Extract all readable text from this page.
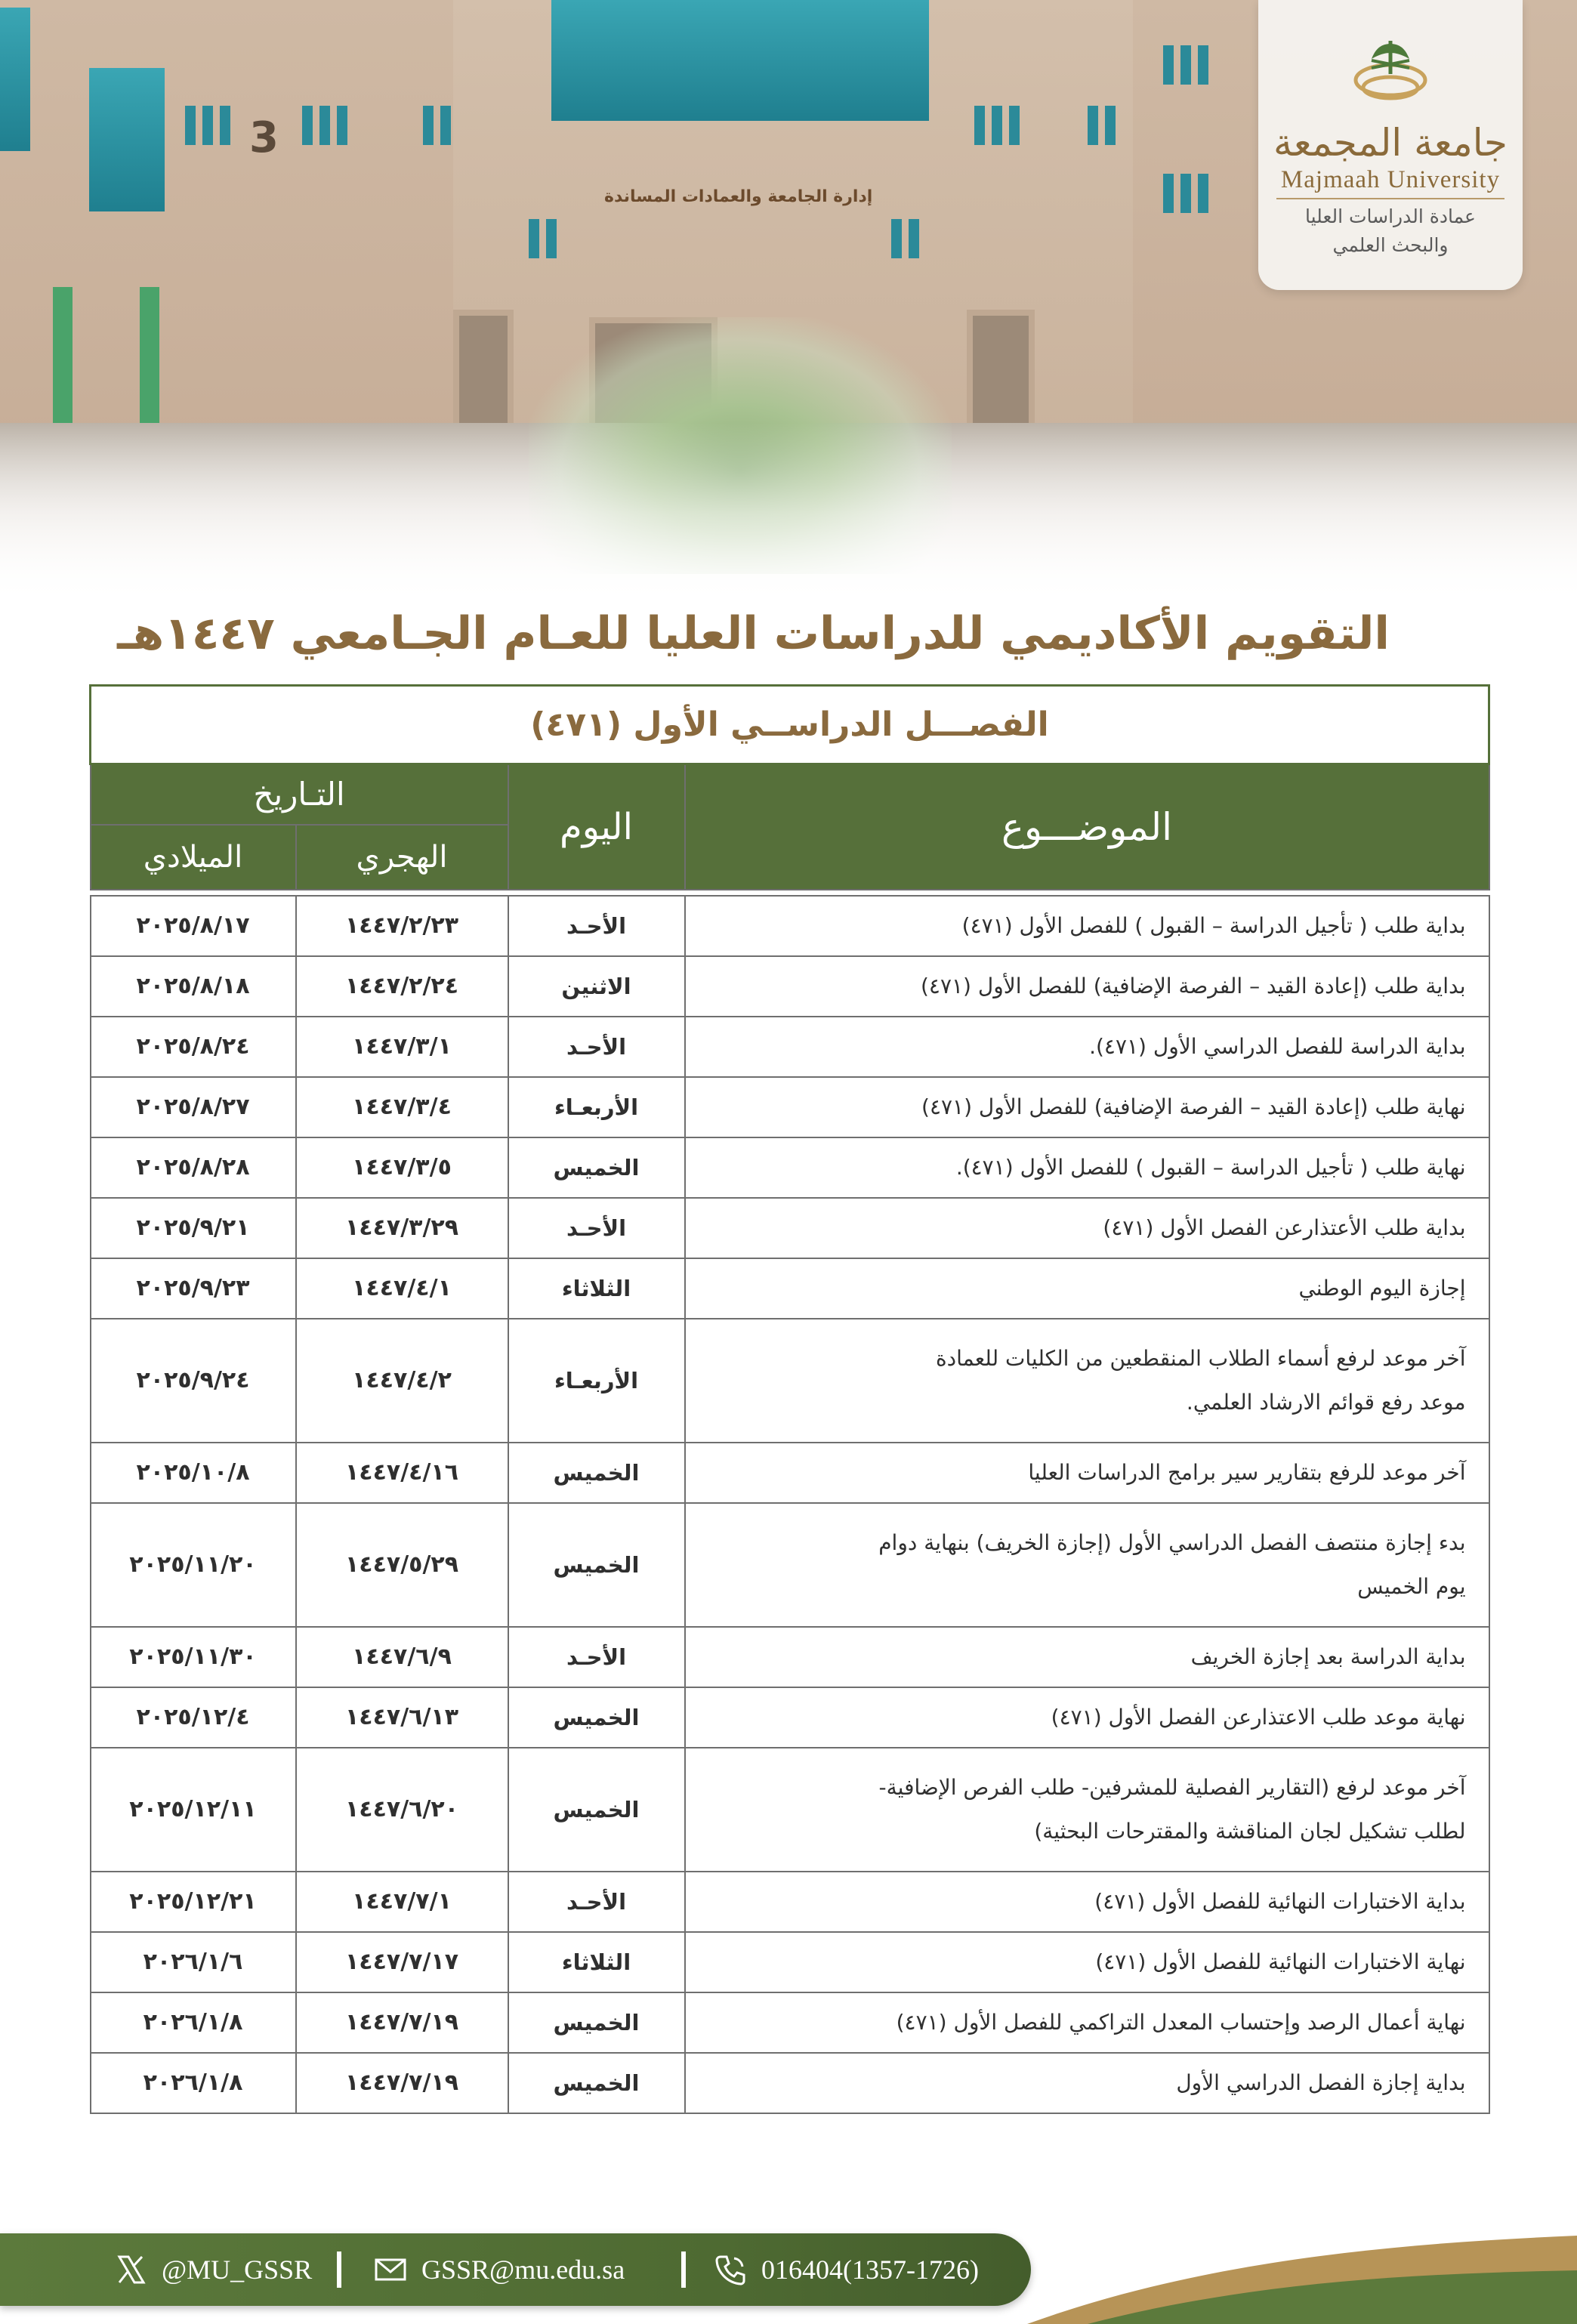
3
إدارة الجامعة والعمادات المساندة
جامعة المجمعة
Majmaah University
عمادة الدراسات العليا
والبحث العلمي
التقويم الأكاديمي للدراسات العليا للعـام الجـامعي ١٤٤٧هـ
الفصـــل الدراســي الأول (٤٧١)			
الموضـــوع	اليوم	التـاريخ	
		الهجري	الميلادي

بداية طلب ( تأجيل الدراسة – القبول ) للفصل الأول (٤٧١)	الأحـد	١٤٤٧/٢/٢٣	٢٠٢٥/٨/١٧
بداية طلب (إعادة القيد – الفرصة الإضافية) للفصل الأول (٤٧١)	الاثنين	١٤٤٧/٢/٢٤	٢٠٢٥/٨/١٨
بداية الدراسة للفصل الدراسي الأول (٤٧١).	الأحـد	١٤٤٧/٣/١	٢٠٢٥/٨/٢٤
نهاية طلب (إعادة القيد – الفرصة الإضافية) للفصل الأول (٤٧١)	الأربعـاء	١٤٤٧/٣/٤	٢٠٢٥/٨/٢٧
نهاية طلب ( تأجيل الدراسة – القبول ) للفصل الأول (٤٧١).	الخميس	١٤٤٧/٣/٥	٢٠٢٥/٨/٢٨
بداية طلب الأعتذارعن الفصل الأول (٤٧١)	الأحـد	١٤٤٧/٣/٢٩	٢٠٢٥/٩/٢١
إجازة اليوم الوطني	الثلاثاء	١٤٤٧/٤/١	٢٠٢٥/٩/٢٣

آخر موعد لرفع أسماء الطلاب المنقطعين من الكليات للعمادة
موعد رفع قوائم الارشاد العلمي.	الأربعـاء	١٤٤٧/٤/٢	٢٠٢٥/٩/٢٤
آخر موعد للرفع بتقارير سير برامج الدراسات العليا	الخميس	١٤٤٧/٤/١٦	٢٠٢٥/١٠/٨

بدء إجازة منتصف الفصل الدراسي الأول (إجازة الخريف) بنهاية دوام
يوم الخميس	الخميس	١٤٤٧/٥/٢٩	٢٠٢٥/١١/٢٠
بداية الدراسة بعد إجازة الخريف	الأحـد	١٤٤٧/٦/٩	٢٠٢٥/١١/٣٠
نهاية موعد طلب الاعتذارعن الفصل الأول (٤٧١)	الخميس	١٤٤٧/٦/١٣	٢٠٢٥/١٢/٤

آخر موعد لرفع (التقارير الفصلية للمشرفين- طلب الفرص الإضافية-
لطلب تشكيل لجان المناقشة والمقترحات البحثية)	الخميس	١٤٤٧/٦/٢٠	٢٠٢٥/١٢/١١
بداية الاختبارات النهائية للفصل الأول (٤٧١)	الأحـد	١٤٤٧/٧/١	٢٠٢٥/١٢/٢١
نهاية الاختبارات النهائية للفصل الأول (٤٧١)	الثلاثاء	١٤٤٧/٧/١٧	٢٠٢٦/١/٦
نهاية أعمال الرصد وإحتساب المعدل التراكمي للفصل الأول (٤٧١)	الخميس	١٤٤٧/٧/١٩	٢٠٢٦/١/٨
بداية إجازة الفصل الدراسي الأول	الخميس	١٤٤٧/٧/١٩	٢٠٢٦/١/٨
@MU_GSSR	GSSR@mu.edu.sa	016404(1357-1726)
